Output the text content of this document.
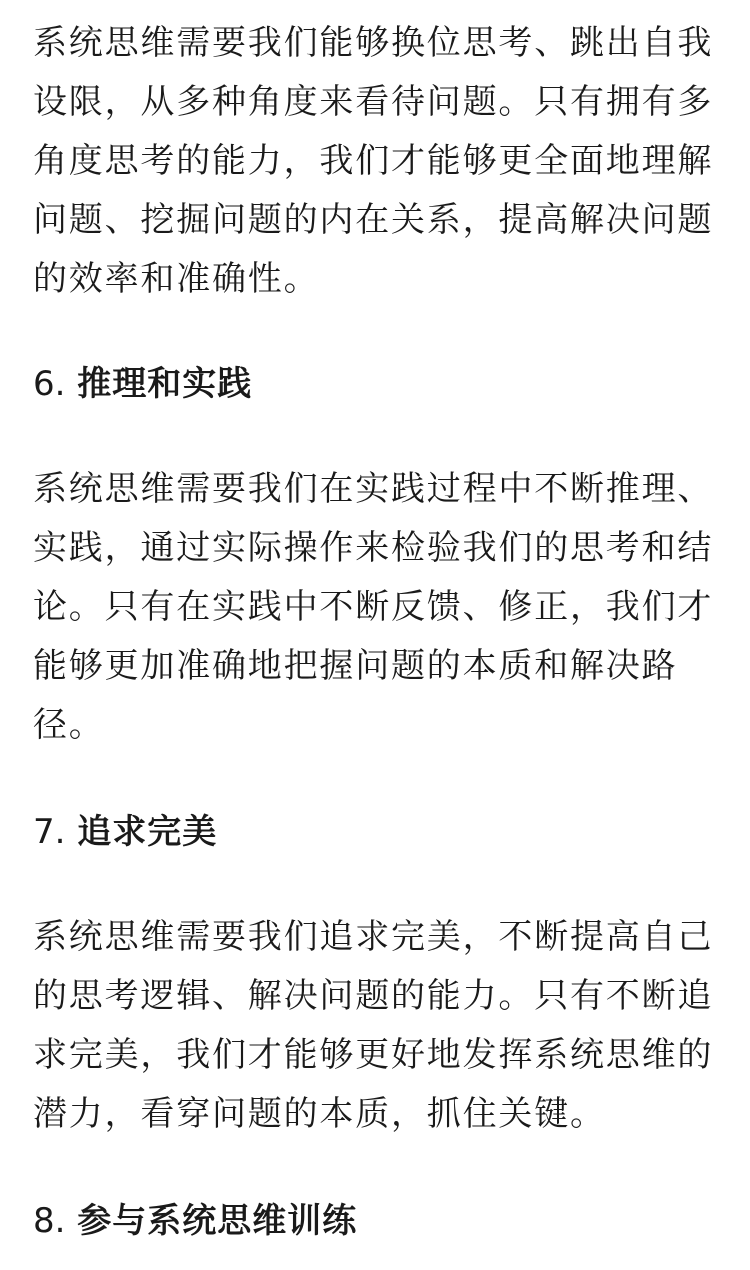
系统思维需要我们能够换位思考、跳出自我
设限，从多种角度来看待问题。只有拥有多
角度思考的能力，我们才能够更全面地理解
问题、挖掘问题的内在关系，提高解决问题
的效率和准确性。
6. 推理和实践
系统思维需要我们在实践过程中不断推理、
实践，通过实际操作来检验我们的思考和结
论。只有在实践中不断反馈、修正，我们才
能够更加准确地把握问题的本质和解决路
径。
7. 追求完美
系统思维需要我们追求完美，不断提高自己
的思考逻辑、解决问题的能力。只有不断追
求完美，我们才能够更好地发挥系统思维的
潜力，看穿问题的本质，抓住关键。
8. 参与系统思维训练
